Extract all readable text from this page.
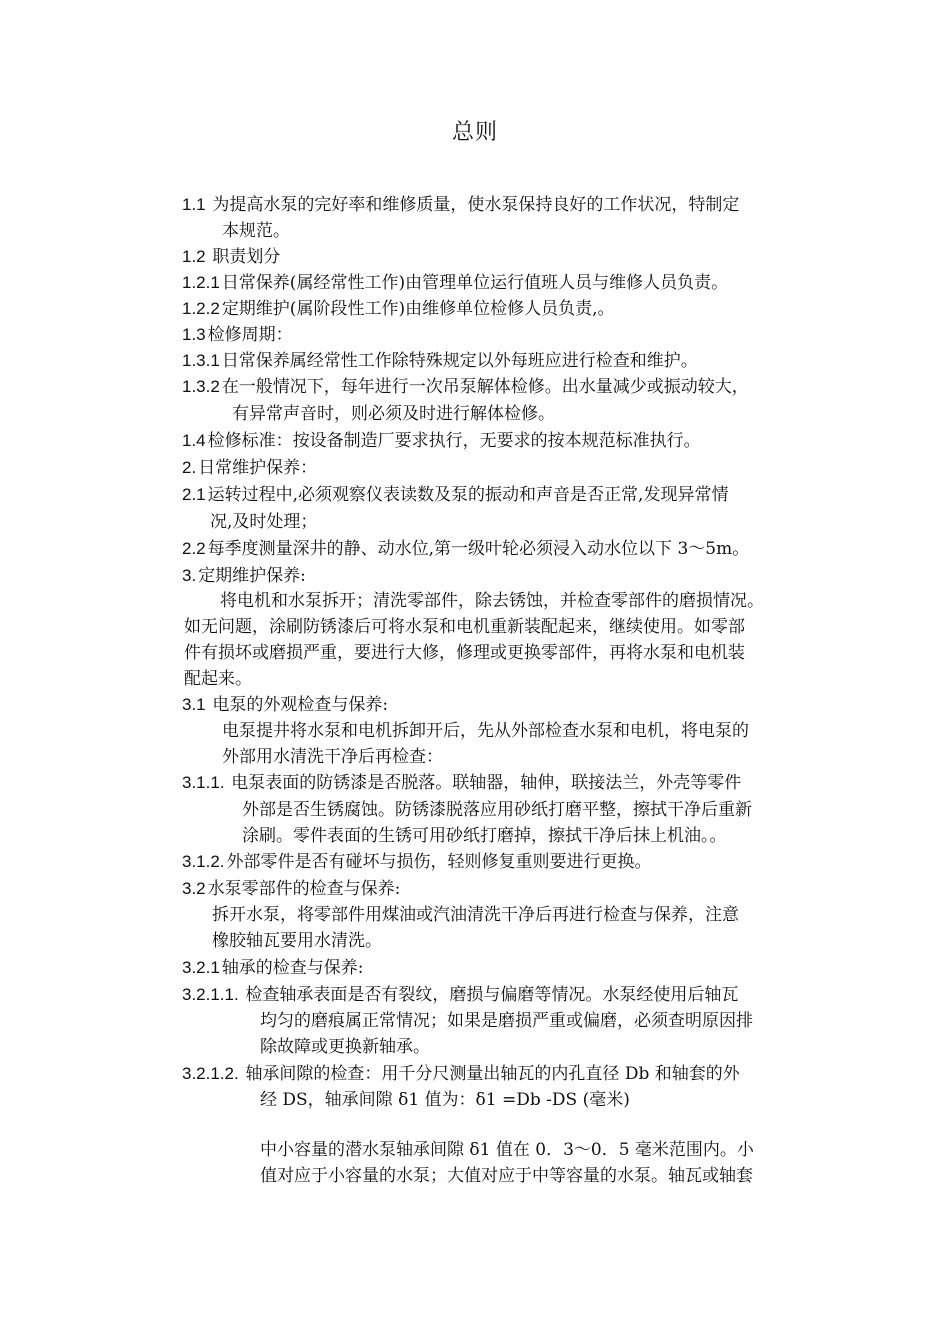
总则
1.1 为提高水泵的完好率和维修质量，使水泵保持良好的工作状况，特制定
本规范。
1.2 职责划分
1.2.1 日常保养(属经常性工作)由管理单位运行值班人员与维修人员负责。
1.2.2 定期维护(属阶段性工作)由维修单位检修人员负责,。
1.3 检修周期：
1.3.1 日常保养属经常性工作除特殊规定以外每班应进行检查和维护。
1.3.2 在一般情况下，每年进行一次吊泵解体检修。出水量减少或振动较大，
有异常声音时，则必须及时进行解体检修。
1.4 检修标准：按设备制造厂要求执行，无要求的按本规范标准执行。
2. 日常维护保养：
2.1 运转过程中,必须观察仪表读数及泵的振动和声音是否正常,发现异常情
况,及时处理；
2.2 每季度测量深井的静、动水位,第一级叶轮必须浸入动水位以下 3～5m。
3. 定期维护保养:
将电机和水泵拆开；清洗零部件，除去锈蚀，并检查零部件的磨损情况。
如无问题，涂刷防锈漆后可将水泵和电机重新装配起来，继续使用。如零部
件有损坏或磨损严重，要进行大修，修理或更换零部件，再将水泵和电机装
配起来。
3.1 电泵的外观检查与保养:
电泵提井将水泵和电机拆卸开后，先从外部检查水泵和电机，将电泵的
外部用水清洗干净后再检查：
3.1.1. 电泵表面的防锈漆是否脱落。联轴器，轴伸，联接法兰，外壳等零件
外部是否生锈腐蚀。防锈漆脱落应用砂纸打磨平整，擦拭干净后重新
涂刷。零件表面的生锈可用砂纸打磨掉，擦拭干净后抹上机油。。
3.1.2. 外部零件是否有碰坏与损伤，轻则修复重则要进行更换。
3.2 水泵零部件的检查与保养:
拆开水泵，将零部件用煤油或汽油清洗干净后再进行检查与保养，注意
橡胶轴瓦要用水清洗。
3.2.1 轴承的检查与保养:
3.2.1.1. 检查轴承表面是否有裂纹，磨损与偏磨等情况。水泵经使用后轴瓦
均匀的磨痕属正常情况；如果是磨损严重或偏磨，必须查明原因排
除故障或更换新轴承。
3.2.1.2. 轴承间隙的检查：用千分尺测量出轴瓦的内孔直径 Db 和轴套的外
经 DS，轴承间隙 δ1 值为：δ1 =Db -DS (毫米)
中小容量的潜水泵轴承间隙 δ1 值在 0．3～0．5 毫米范围内。小
值对应于小容量的水泵；大值对应于中等容量的水泵。轴瓦或轴套
